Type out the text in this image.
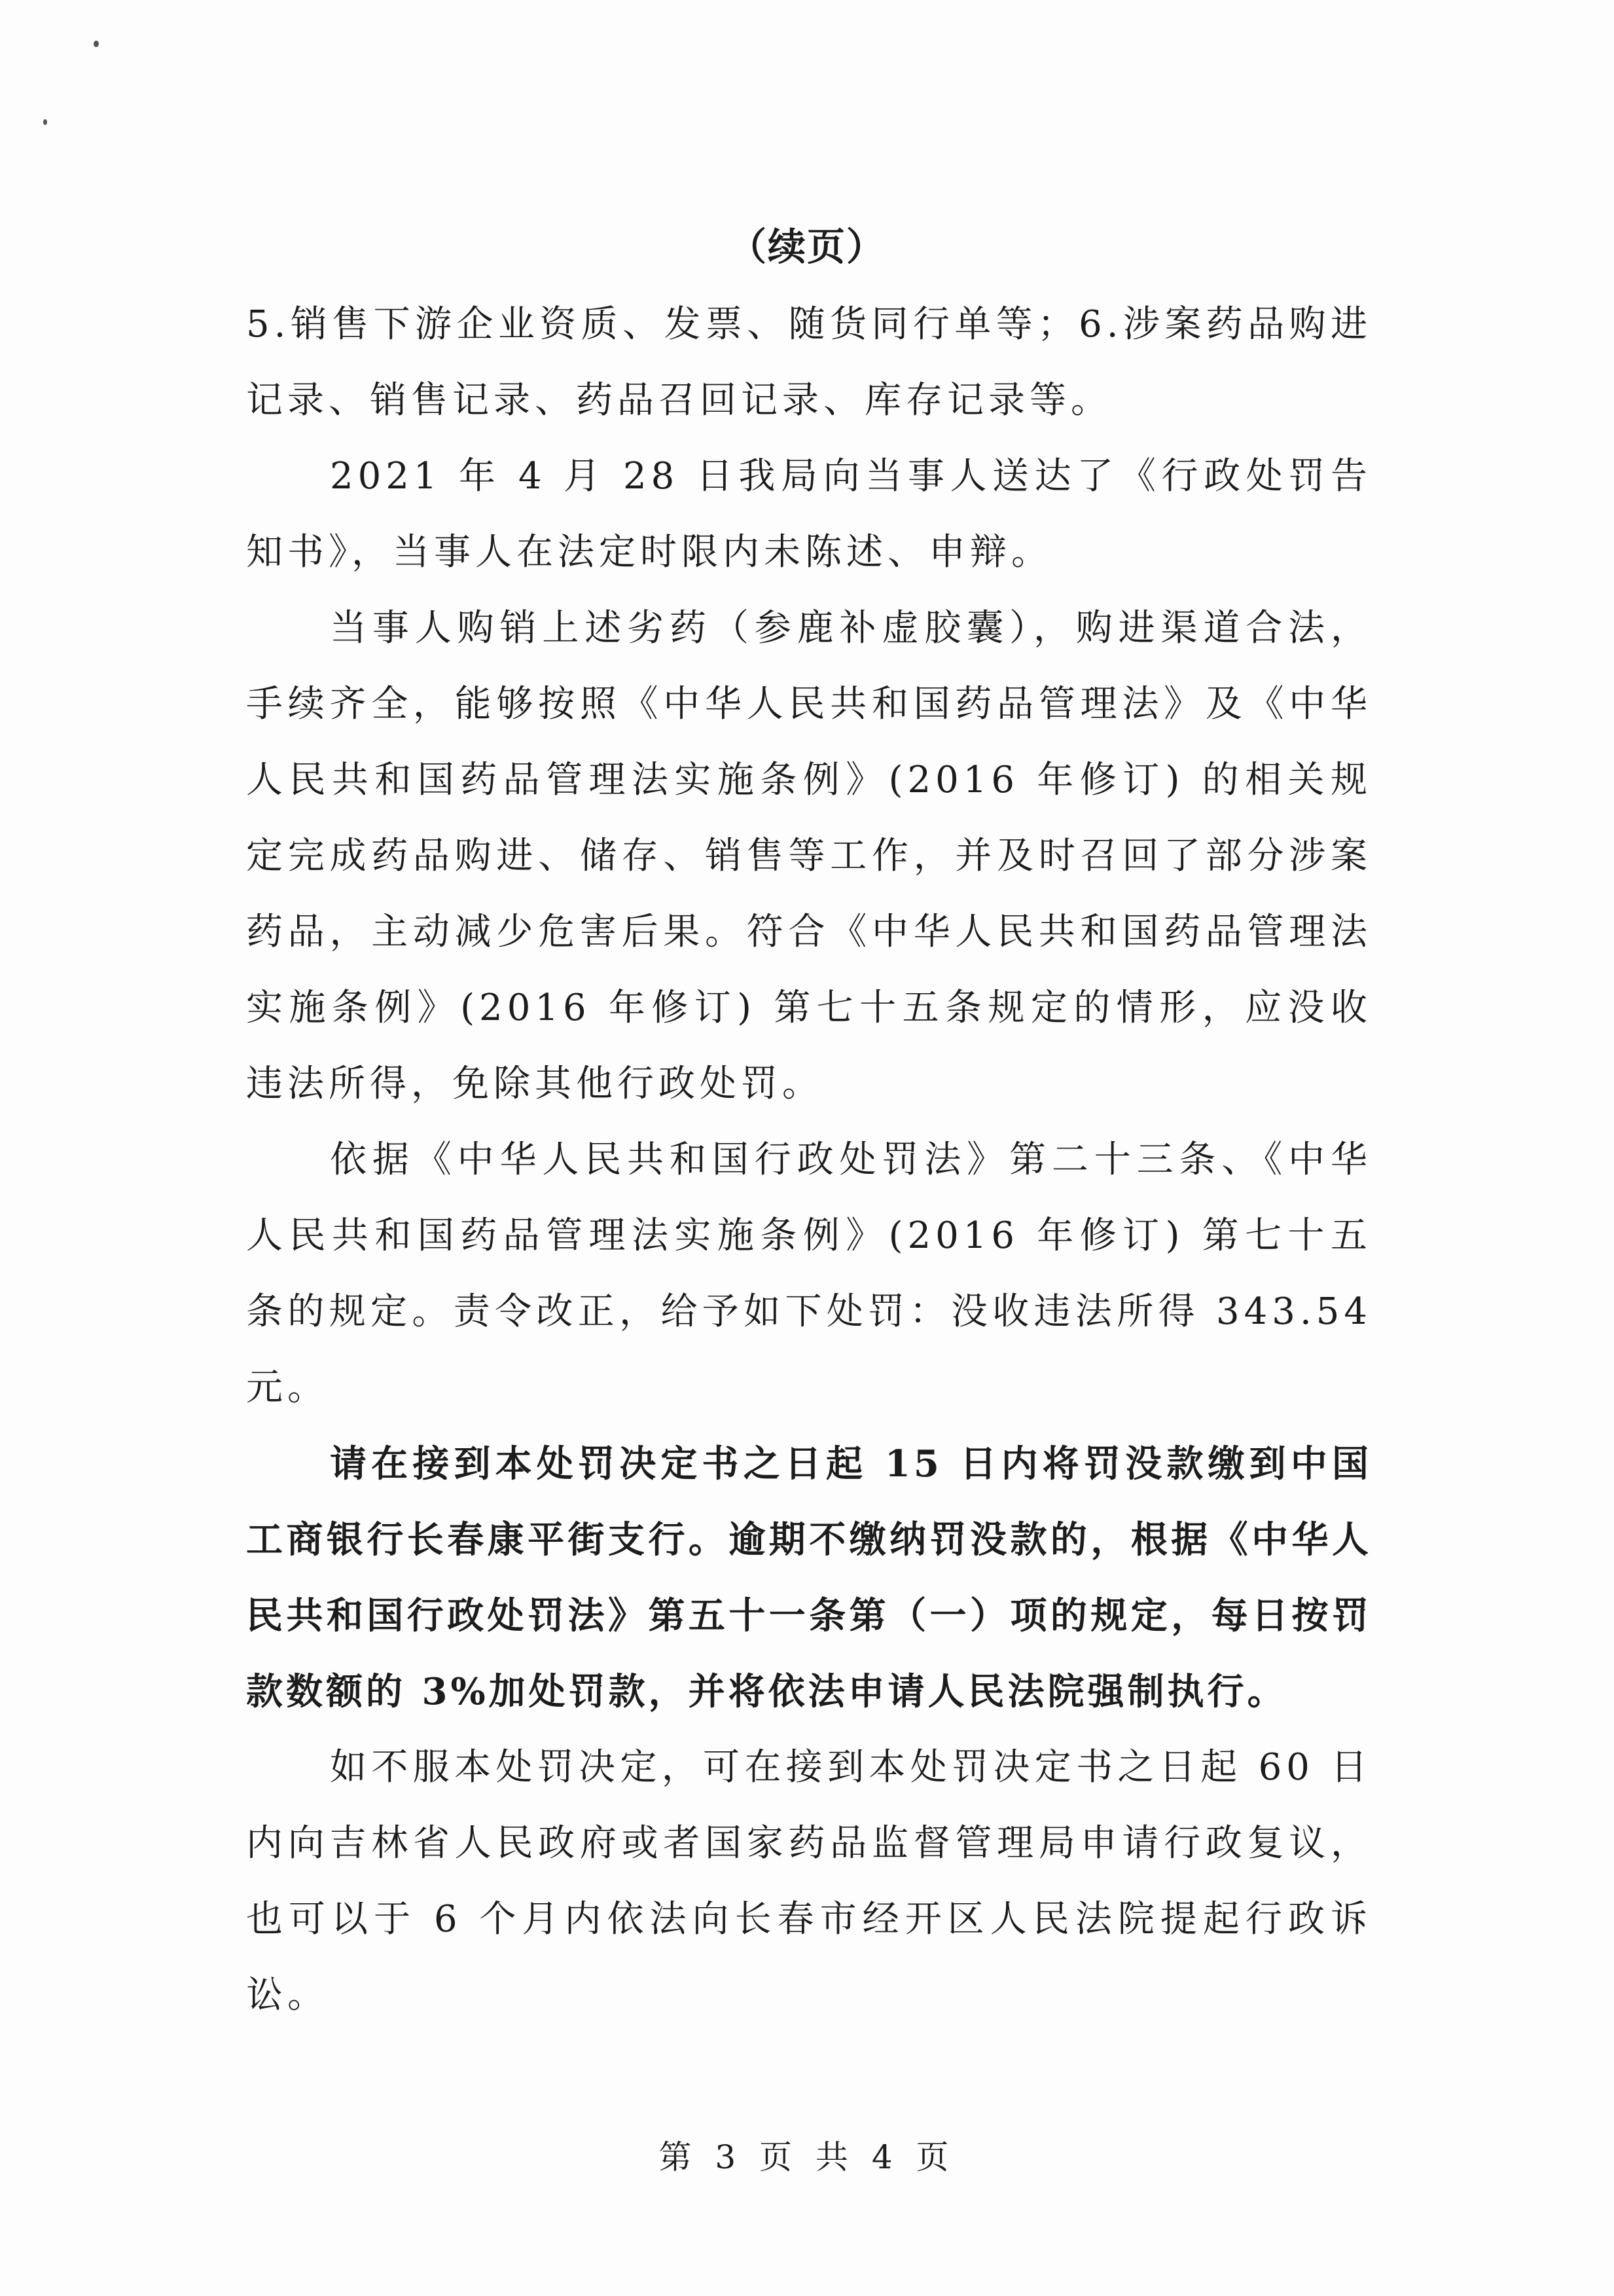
（续页）

5.销售下游企业资质、发票、随货同行单等；6.涉案药品购进记录、销售记录、药品召回记录、库存记录等。

2021 年 4 月 28 日我局向当事人送达了《行政处罚告知书》，当事人在法定时限内未陈述、申辩。

当事人购销上述劣药（参鹿补虚胶囊），购进渠道合法，手续齐全，能够按照《中华人民共和国药品管理法》及《中华人民共和国药品管理法实施条例》(2016 年修订) 的相关规定完成药品购进、储存、销售等工作，并及时召回了部分涉案药品，主动减少危害后果。符合《中华人民共和国药品管理法实施条例》(2016 年修订) 第七十五条规定的情形，应没收违法所得，免除其他行政处罚。

依据《中华人民共和国行政处罚法》第二十三条、《中华人民共和国药品管理法实施条例》(2016 年修订) 第七十五条的规定。责令改正，给予如下处罚：没收违法所得 343.54 元。

请在接到本处罚决定书之日起 15 日内将罚没款缴到中国工商银行长春康平街支行。逾期不缴纳罚没款的，根据《中华人民共和国行政处罚法》第五十一条第（一）项的规定，每日按罚款数额的 3%加处罚款，并将依法申请人民法院强制执行。

如不服本处罚决定，可在接到本处罚决定书之日起 60 日内向吉林省人民政府或者国家药品监督管理局申请行政复议，也可以于 6 个月内依法向长春市经开区人民法院提起行政诉讼。

第 3 页 共 4 页
